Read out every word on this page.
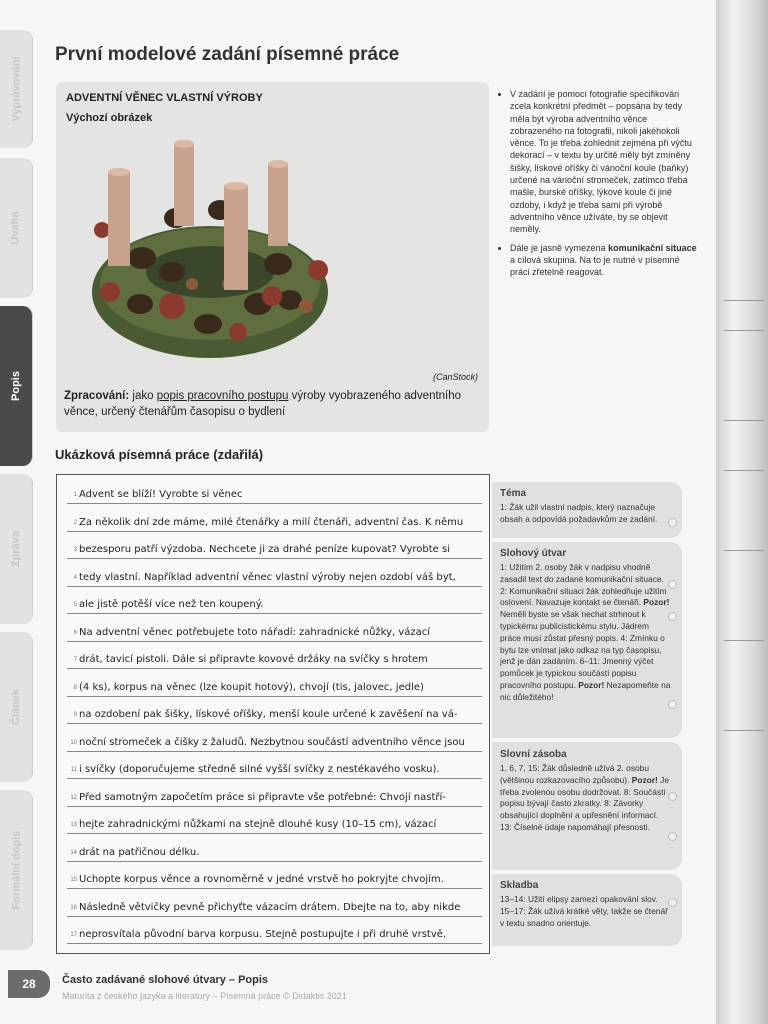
Vyprávování
Úvaha
Popis
Zpráva
Článek
Formální dopis
První modelové zadání písemné práce
ADVENTNÍ VĚNEC VLASTNÍ VÝROBY
Výchozí obrázek
(CanStock)
Zpracování: jako popis pracovního postupu výroby vyobrazeného adventního věnce, určený čtenářům časopisu o bydlení
• V zadání je pomocí fotografie specifikován zcela konkrétní předmět – popsána by tedy měla být výroba adventního věnce zobrazeného na fotografii, nikoli jakéhokoli věnce. To je třeba zohlednit zejména při výčtu dekorací – v textu by určitě měly být zmíněny šišky, lískové oříšky či vánoční koule (baňky) určené na vánoční stromeček, zatímco třeba mašle, burské oříšky, lýkové koule či jiné ozdoby, i když je třeba sami při výrobě adventního věnce užíváte, by se objevit neměly.
• Dále je jasně vymezena komunikační situace a cílová skupina. Na to je nutné v písemné práci zřetelně reagovat.
Ukázková písemná práce (zdařilá)
1 Advent se blíží! Vyrobte si věnec
2 Za několik dní zde máme, milé čtenářky a milí čtenáři, adventní čas. K němu
3 bezesporu patří výzdoba. Nechcete ji za drahé peníze kupovat? Vyrobte si
4 tedy vlastní. Například adventní věnec vlastní výroby nejen ozdobí váš byt,
5 ale jistě potěší více než ten koupený.
6 Na adventní věnec potřebujete toto nářadí: zahradnické nůžky, vázací
7 drát, tavicí pistoli. Dále si připravte kovové držáky na svíčky s hrotem
8 (4 ks), korpus na věnec (lze koupit hotový), chvojí (tis, jalovec, jedle)
9 na ozdobení pak šišky, lískové oříšky, menší koule určené k zavěšení na vá-
10 noční stromeček a čišky z žaludů. Nezbytnou součástí adventního věnce jsou
11 i svíčky (doporučujeme středně silné vyšší svíčky z nestékavého vosku).
12 Před samotným započetím práce si připravte vše potřebné: Chvojí nastří-
13 hejte zahradnickými nůžkami na stejně dlouhé kusy (10–15 cm), vázací
14 drát na patřičnou délku.
15 Uchopte korpus věnce a rovnoměrně v jedné vrstvě ho pokryjte chvojím.
16 Následně větvičky pevně přichyťte vázacím drátem. Dbejte na to, aby nikde
17 neprosvítala původní barva korpusu. Stejně postupujte i při druhé vrstvě.
Téma
1: Žák užil vlastní nadpis, který naznačuje obsah a odpovídá požadavkům ze zadání.
Slohový útvar
1: Užitím 2. osoby žák v nadpisu vhodně zasadil text do zadané komunikační situace. 2: Komunikační situaci žák zohledňuje užitím oslovení. Navazuje kontakt se čtenáři. Pozor! Neměli byste se však nechat strhnout k typickému publicistickému stylu. Jádrem práce musí zůstat přesný popis. 4: Zmínku o bytu lze vnímat jako odkaz na typ časopisu, jenž je dán zadáním. 6–11: Jmenný výčet pomůcek je typickou součástí popisu pracovního postupu. Pozor! Nezapomeňte na nic důležitého!
Slovní zásoba
1, 6, 7, 15: Žák důsledně užívá 2. osobu (většinou rozkazovacího způsobu). Pozor! Je třeba zvolenou osobu dodržovat. 8: Součástí popisu bývají často zkratky. 8: Závorky obsahující doplnění a upřesnění informací. 13: Číselné údaje napomáhají přesnosti.
Skladba
13–14: Užití elipsy zamezí opakování slov. 15–17: Žák užívá krátké věty, takže se čtenář v textu snadno orientuje.
28	Často zadávané slohové útvary – Popis
Maturita z českého jazyka a literatury – Písemná práce © Didaktis 2021
